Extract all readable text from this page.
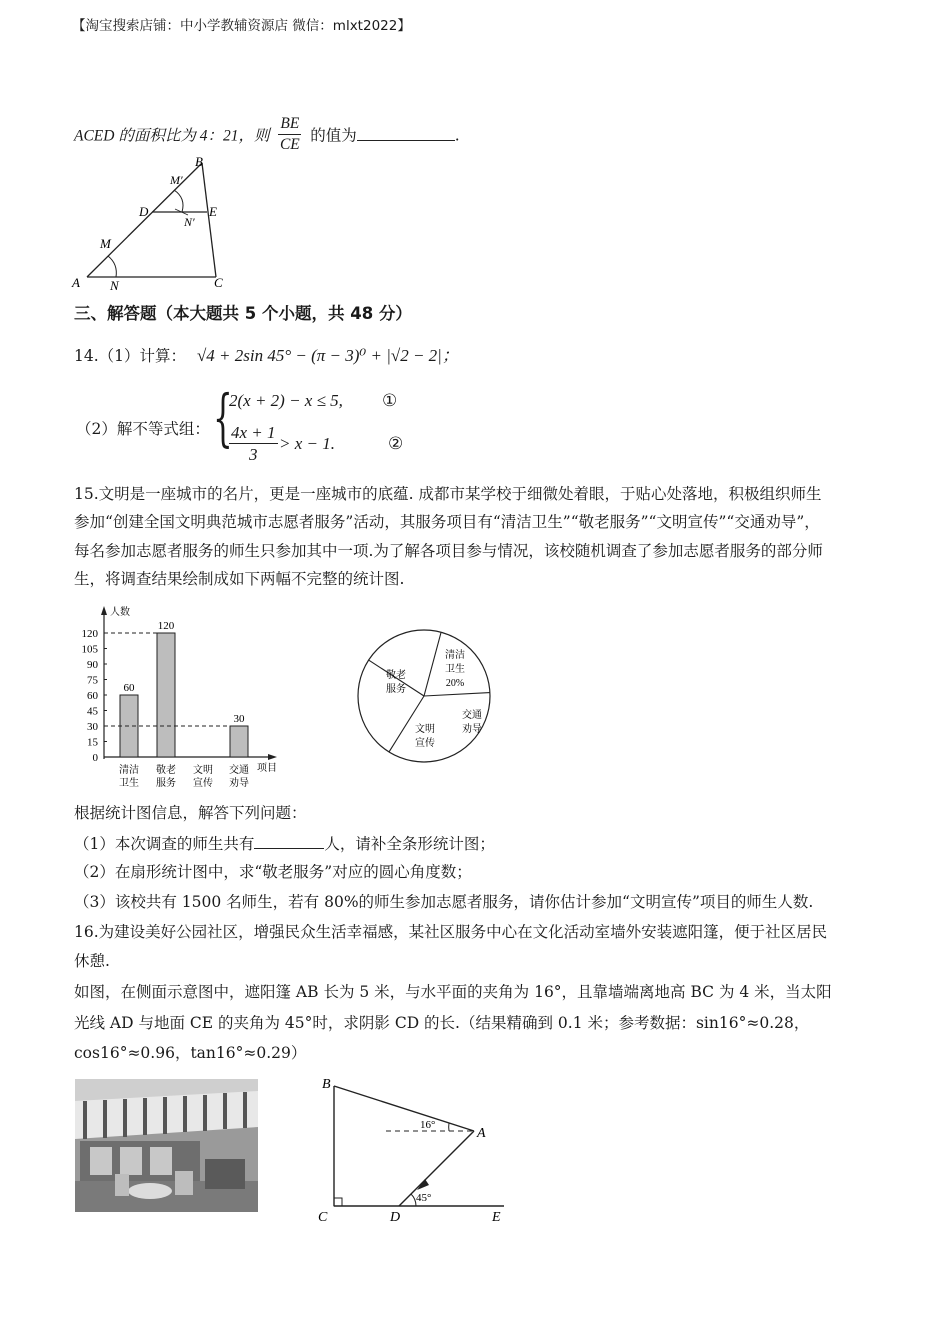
【淘宝搜索店铺：中小学教辅资源店 微信：mlxt2022】
ACED 的面积比为 4：21，则 $\frac{BE}{CE}$ 的值为	.
B
A	C
N
M
D	E
M′
N′
三、解答题（本大题共 5 个小题，共 48 分）
14.（1）计算： √4 + 2sin 45° − (π − 3)⁰ + |√2 − 2|；
（2）解不等式组： {
2(x + 2) − x ≤ 5, ①
$\frac{4x + 1}{3} > x - 1$.	②
15.文明是一座城市的名片，更是一座城市的底蕴. 成都市某学校于细微处着眼，于贴心处落地，积极组织师生
参加“创建全国文明典范城市志愿者服务”活动，其服务项目有“清洁卫生”“敬老服务”“文明宣传”“交通劝导”，
每名参加志愿者服务的师生只参加其中一项.为了解各项目参与情况，该校随机调查了参加志愿者服务的部分师
生，将调查结果绘制成如下两幅不完整的统计图.
人数
项目
0
15
30
45
60
75
90
105
120
60
120
30
清洁
卫生
敬老
服务
文明
宣传
交通
劝导
清洁
卫生
20%
敬老
服务
文明
宣传
交通
劝导
根据统计图信息，解答下列问题：
（1）本次调查的师生共有	人，请补全条形统计图；
（2）在扇形统计图中，求“敬老服务”对应的圆心角度数；
（3）该校共有 1500 名师生，若有 80%的师生参加志愿者服务，请你估计参加“文明宣传”项目的师生人数.
16.为建设美好公园社区，增强民众生活幸福感，某社区服务中心在文化活动室墙外安装遮阳篷，便于社区居民
休憩.
如图，在侧面示意图中，遮阳篷 AB 长为 5 米，与水平面的夹角为 16°，且靠墙端离地高 BC 为 4 米，当太阳
光线 AD 与地面 CE 的夹角为 45°时，求阴影 CD 的长.（结果精确到 0.1 米；参考数据：sin16°≈0.28，
cos16°≈0.96，tan16°≈0.29）
B
A
C	D	E
16°
45°
